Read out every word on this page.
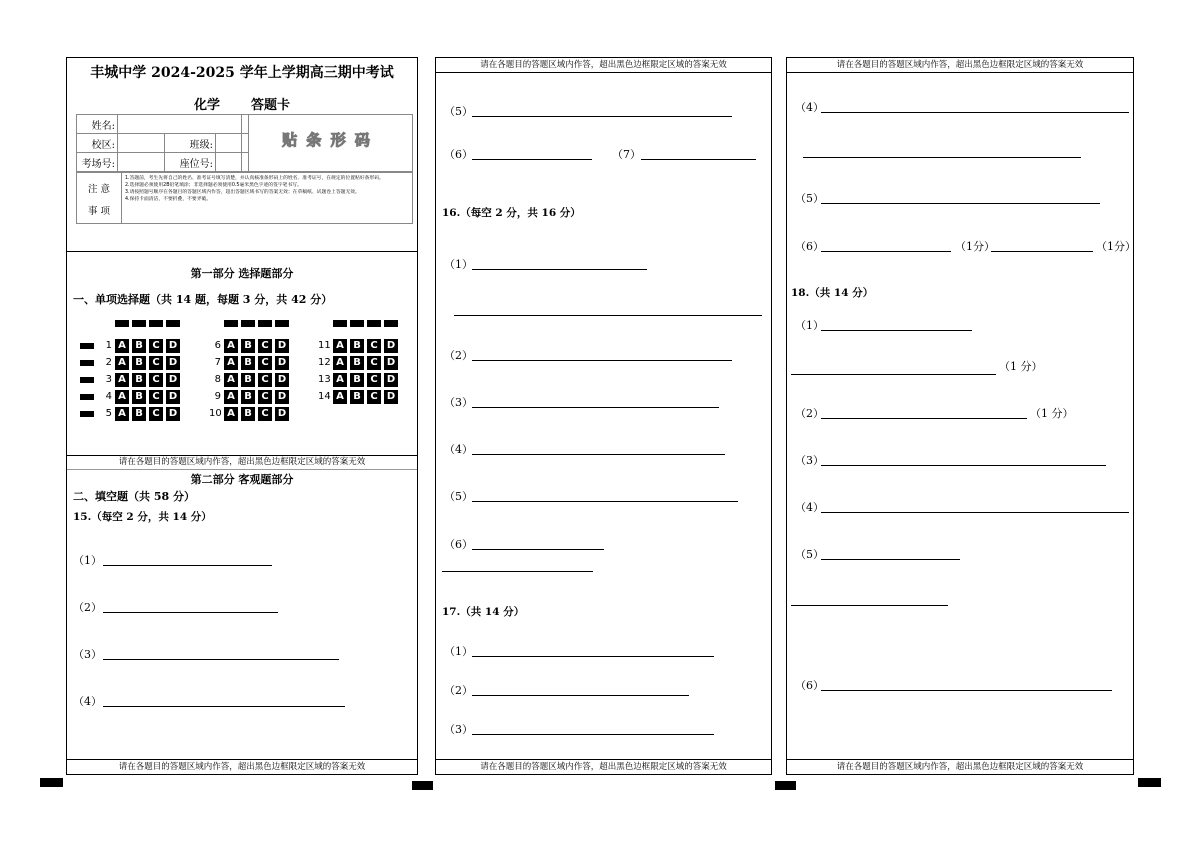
丰城中学 2024-2025 学年上学期高三期中考试
化学 答题卡
姓名:			
校区:		班级:	
考场号:		座位号:	
贴 条 形 码
注 意
事 项
1.答题前，考生先将自己的姓名、准考证号填写清楚，并认真核准条形码上的姓名、准考证号，在规定的位置贴好条形码。
2.选择题必须使用2B铅笔填涂；非选择题必须使用0.5毫米黑色字迹的签字笔书写。
3.请按照题号顺序在各题目的答题区域内作答，超出答题区域书写的答案无效；在草稿纸、试题卷上答题无效。
4.保持卡面清洁，不要折叠，不要弄破。
第一部分 选择题部分
一、单项选择题（共 14 题，每题 3 分，共 42 分）
1 A B C D
2 A B C D
3 A B C D
4 A B C D
5 A B C D
6 A B C D
7 A B C D
8 A B C D
9 A B C D
10 A B C D
11 A B C D
12 A B C D
13 A B C D
14 A B C D
请在各题目的答题区域内作答，超出黑色边框限定区域的答案无效
第二部分 客观题部分
二、填空题（共 58 分）
15.（每空 2 分，共 14 分）
（1）
（2）
（3）
（4）
请在各题目的答题区域内作答，超出黑色边框限定区域的答案无效
请在各题目的答题区域内作答，超出黑色边框限定区域的答案无效
（5）
（6）	（7）
16.（每空 2 分，共 16 分）
（1）
（2）
（3）
（4）
（5）
（6）
17.（共 14 分）
（1）
（2）
（3）
请在各题目的答题区域内作答，超出黑色边框限定区域的答案无效
请在各题目的答题区域内作答，超出黑色边框限定区域的答案无效
（4）
（5）
（6）	（1分）	（1分）
18.（共 14 分）
（1）
（1 分）
（2）	（1 分）
（3）
（4）
（5）
（6）
请在各题目的答题区域内作答，超出黑色边框限定区域的答案无效
